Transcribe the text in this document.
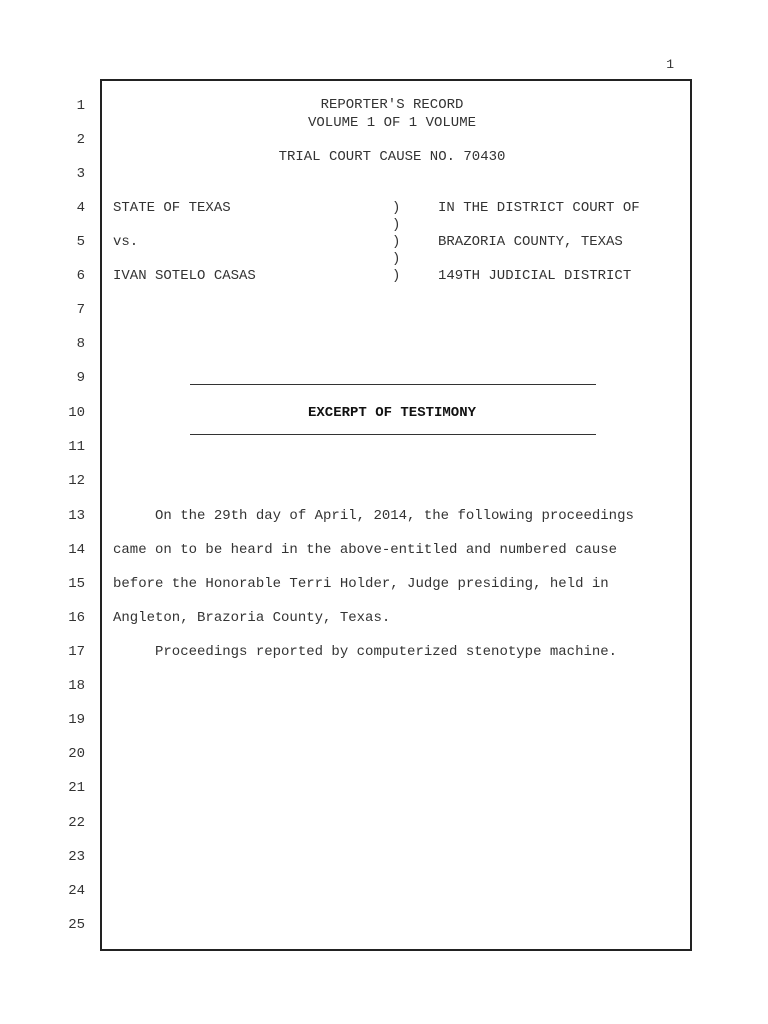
1
1
2
3
4
5
6
7
8
9
10
11
12
13
14
15
16
17
18
19
20
21
22
23
24
25
REPORTER'S RECORD
VOLUME 1 OF 1 VOLUME
TRIAL COURT CAUSE NO. 70430
STATE OF TEXAS
vs.
IVAN SOTELO CASAS
)
)
)
)
)
IN THE DISTRICT COURT OF
BRAZORIA COUNTY, TEXAS
149TH JUDICIAL DISTRICT
EXCERPT OF TESTIMONY
On the 29th day of April, 2014, the following proceedings
came on to be heard in the above-entitled and numbered cause
before the Honorable Terri Holder, Judge presiding, held in
Angleton, Brazoria County, Texas.
Proceedings reported by computerized stenotype machine.
